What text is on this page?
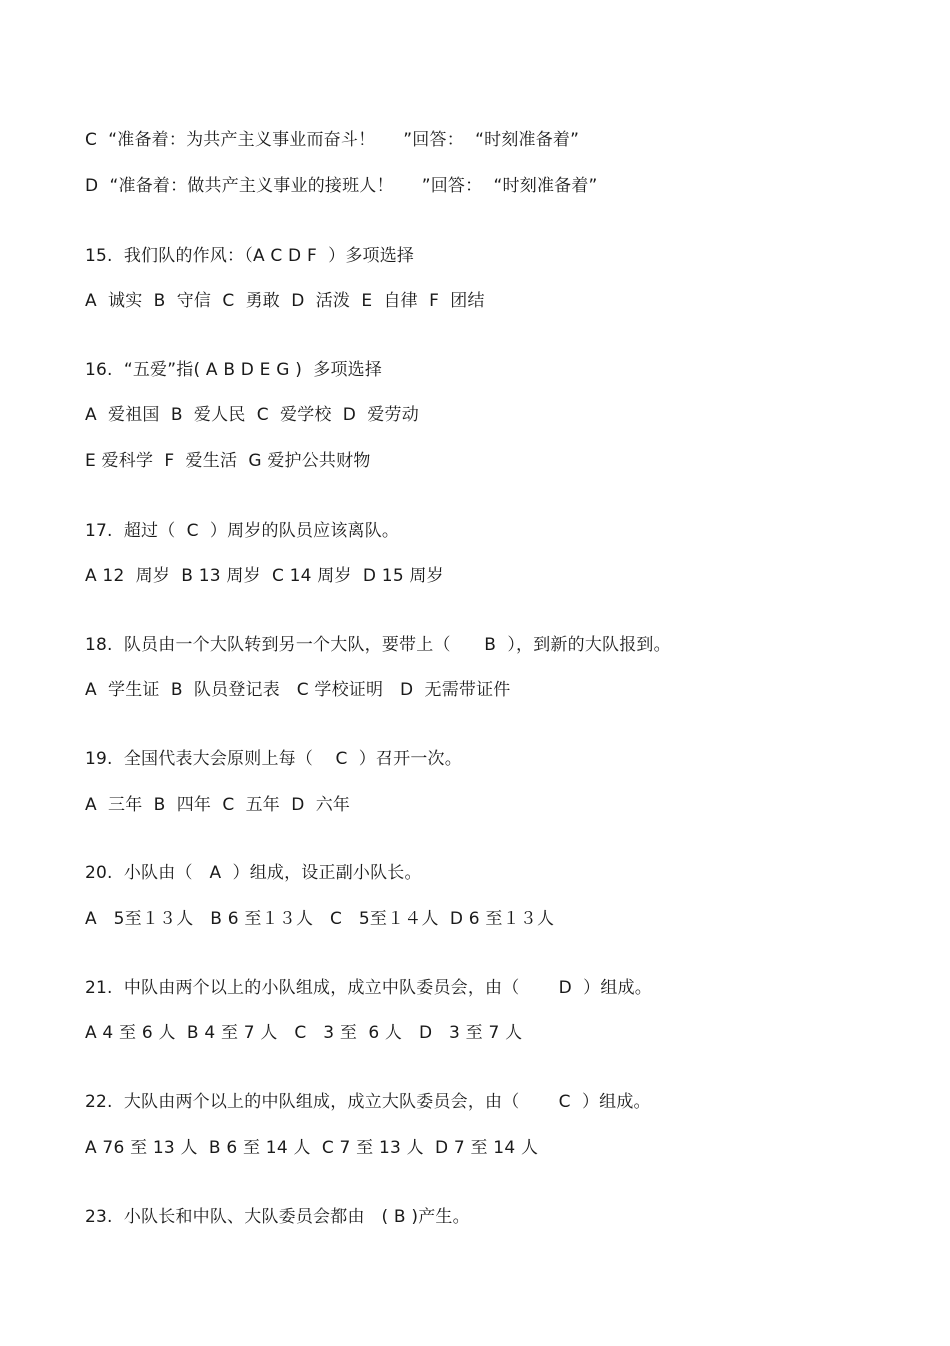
C  “准备着：为共产主义事业而奋斗！     ”回答：  “时刻准备着”
D  “准备着：做共产主义事业的接班人！     ”回答：  “时刻准备着”
15.  我们队的作风：（A C D F  ）多项选择
A  诚实  B  守信  C  勇敢  D  活泼  E  自律  F  团结
16.  “五爱”指( A B D E G )  多项选择
A  爱祖国  B  爱人民  C  爱学校  D  爱劳动
E 爱科学  F  爱生活  G 爱护公共财物
17.  超过（  C  ）周岁的队员应该离队。
A 12  周岁  B 13 周岁  C 14 周岁  D 15 周岁
18.  队员由一个大队转到另一个大队，要带上（      B  ），到新的大队报到。
A  学生证  B  队员登记表   C 学校证明   D  无需带证件
19.  全国代表大会原则上每（    C  ）召开一次。
A  三年  B  四年  C  五年  D  六年
20.  小队由（   A  ）组成，设正副小队长。
A   5至１３人   B 6 至１３人   C   5至１４人  D 6 至１３人
21.  中队由两个以上的小队组成，成立中队委员会，由（       D  ）组成。
A 4 至 6 人  B 4 至 7 人   C   3 至  6 人   D   3 至 7 人
22.  大队由两个以上的中队组成，成立大队委员会，由（       C  ）组成。
A 76 至 13 人  B 6 至 14 人  C 7 至 13 人  D 7 至 14 人
23.  小队长和中队、大队委员会都由   ( B )产生。
